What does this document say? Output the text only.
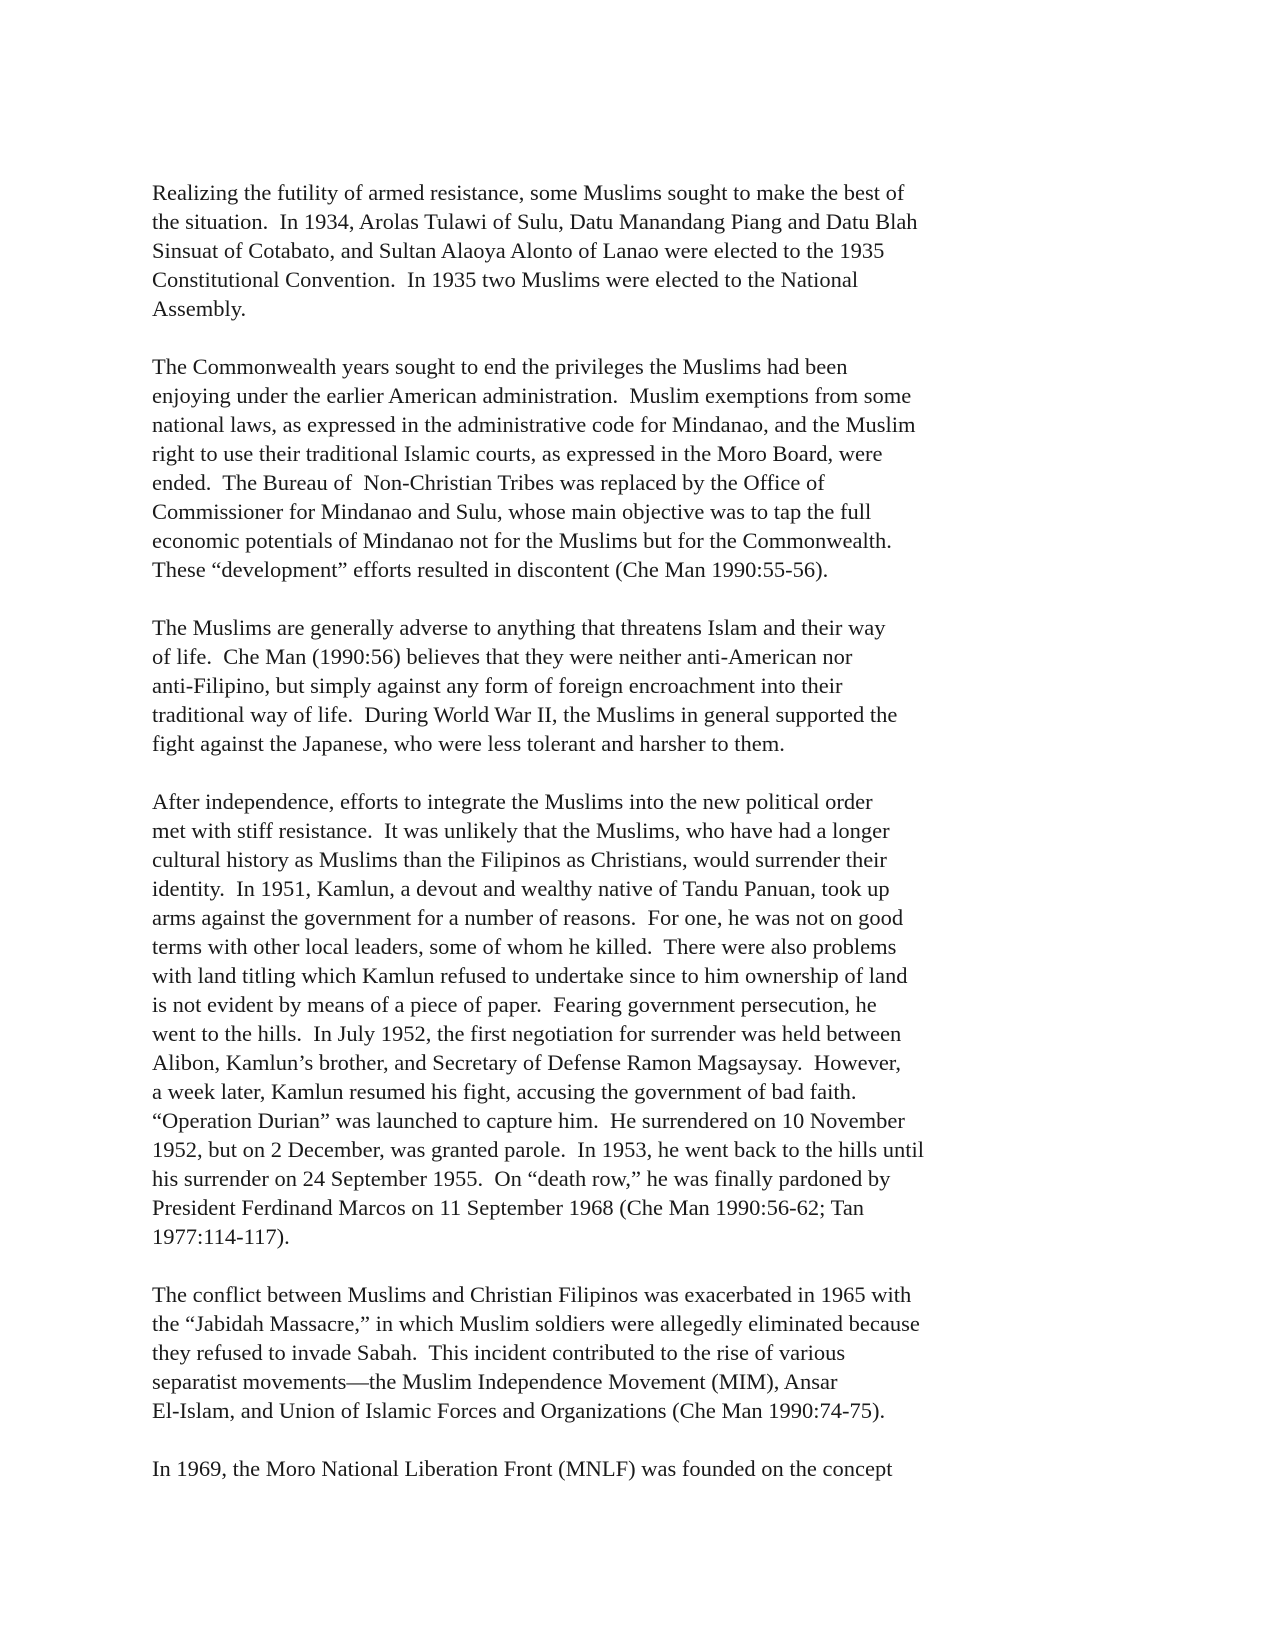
Realizing the futility of armed resistance, some Muslims sought to make the best of
the situation.  In 1934, Arolas Tulawi of Sulu, Datu Manandang Piang and Datu Blah
Sinsuat of Cotabato, and Sultan Alaoya Alonto of Lanao were elected to the 1935
Constitutional Convention.  In 1935 two Muslims were elected to the National
Assembly.

The Commonwealth years sought to end the privileges the Muslims had been
enjoying under the earlier American administration.  Muslim exemptions from some
national laws, as expressed in the administrative code for Mindanao, and the Muslim
right to use their traditional Islamic courts, as expressed in the Moro Board, were
ended.  The Bureau of  Non-Christian Tribes was replaced by the Office of
Commissioner for Mindanao and Sulu, whose main objective was to tap the full
economic potentials of Mindanao not for the Muslims but for the Commonwealth.
These “development” efforts resulted in discontent (Che Man 1990:55-56).

The Muslims are generally adverse to anything that threatens Islam and their way
of life.  Che Man (1990:56) believes that they were neither anti-American nor
anti-Filipino, but simply against any form of foreign encroachment into their
traditional way of life.  During World War II, the Muslims in general supported the
fight against the Japanese, who were less tolerant and harsher to them.

After independence, efforts to integrate the Muslims into the new political order
met with stiff resistance.  It was unlikely that the Muslims, who have had a longer
cultural history as Muslims than the Filipinos as Christians, would surrender their
identity.  In 1951, Kamlun, a devout and wealthy native of Tandu Panuan, took up
arms against the government for a number of reasons.  For one, he was not on good
terms with other local leaders, some of whom he killed.  There were also problems
with land titling which Kamlun refused to undertake since to him ownership of land
is not evident by means of a piece of paper.  Fearing government persecution, he
went to the hills.  In July 1952, the first negotiation for surrender was held between
Alibon, Kamlun’s brother, and Secretary of Defense Ramon Magsaysay.  However,
a week later, Kamlun resumed his fight, accusing the government of bad faith.
“Operation Durian” was launched to capture him.  He surrendered on 10 November
1952, but on 2 December, was granted parole.  In 1953, he went back to the hills until
his surrender on 24 September 1955.  On “death row,” he was finally pardoned by
President Ferdinand Marcos on 11 September 1968 (Che Man 1990:56-62; Tan
1977:114-117).

The conflict between Muslims and Christian Filipinos was exacerbated in 1965 with
the “Jabidah Massacre,” in which Muslim soldiers were allegedly eliminated because
they refused to invade Sabah.  This incident contributed to the rise of various
separatist movements—the Muslim Independence Movement (MIM), Ansar
El-Islam, and Union of Islamic Forces and Organizations (Che Man 1990:74-75).

In 1969, the Moro National Liberation Front (MNLF) was founded on the concept
